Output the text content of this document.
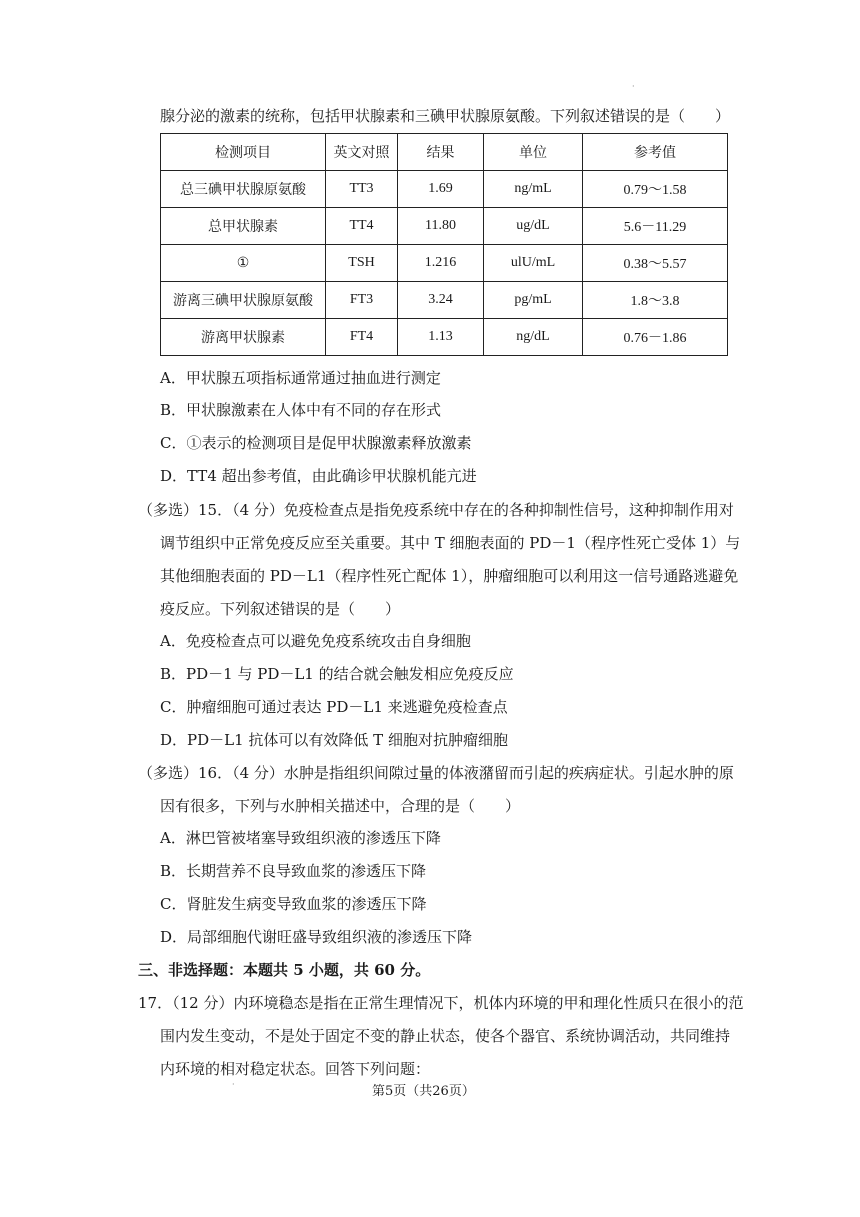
·
腺分泌的激素的统称，包括甲状腺素和三碘甲状腺原氨酸。下列叙述错误的是（　　）
检测项目	英文对照	结果	单位	参考值
总三碘甲状腺原氨酸	TT3	1.69	ng/mL	0.79～1.58
总甲状腺素	TT4	11.80	ug/dL	5.6－11.29
①	TSH	1.216	ulU/mL	0.38～5.57
游离三碘甲状腺原氨酸	FT3	3.24	pg/mL	1.8～3.8
游离甲状腺素	FT4	1.13	ng/dL	0.76－1.86
A．甲状腺五项指标通常通过抽血进行测定
B．甲状腺激素在人体中有不同的存在形式
C．①表示的检测项目是促甲状腺激素释放激素
D．TT4 超出参考值，由此确诊甲状腺机能亢进
（多选）15．（4 分）免疫检查点是指免疫系统中存在的各种抑制性信号，这种抑制作用对
调节组织中正常免疫反应至关重要。其中 T 细胞表面的 PD－1（程序性死亡受体 1）与
其他细胞表面的 PD－L1（程序性死亡配体 1），肿瘤细胞可以利用这一信号通路逃避免
疫反应。下列叙述错误的是（　　）
A．免疫检查点可以避免免疫系统攻击自身细胞
B．PD－1 与 PD－L1 的结合就会触发相应免疫反应
C．肿瘤细胞可通过表达 PD－L1 来逃避免疫检查点
D．PD－L1 抗体可以有效降低 T 细胞对抗肿瘤细胞
（多选）16．（4 分）水肿是指组织间隙过量的体液潴留而引起的疾病症状。引起水肿的原
因有很多，下列与水肿相关描述中，合理的是（　　）
A．淋巴管被堵塞导致组织液的渗透压下降
B．长期营养不良导致血浆的渗透压下降
C．肾脏发生病变导致血浆的渗透压下降
D．局部细胞代谢旺盛导致组织液的渗透压下降
三、非选择题：本题共 5 小题，共 60 分。
17．（12 分）内环境稳态是指在正常生理情况下，机体内环境的甲和理化性质只在很小的范
围内发生变动，不是处于固定不变的静止状态，使各个器官、系统协调活动，共同维持
内环境的相对稳定状态。回答下列问题：
·	第5页（共26页）
